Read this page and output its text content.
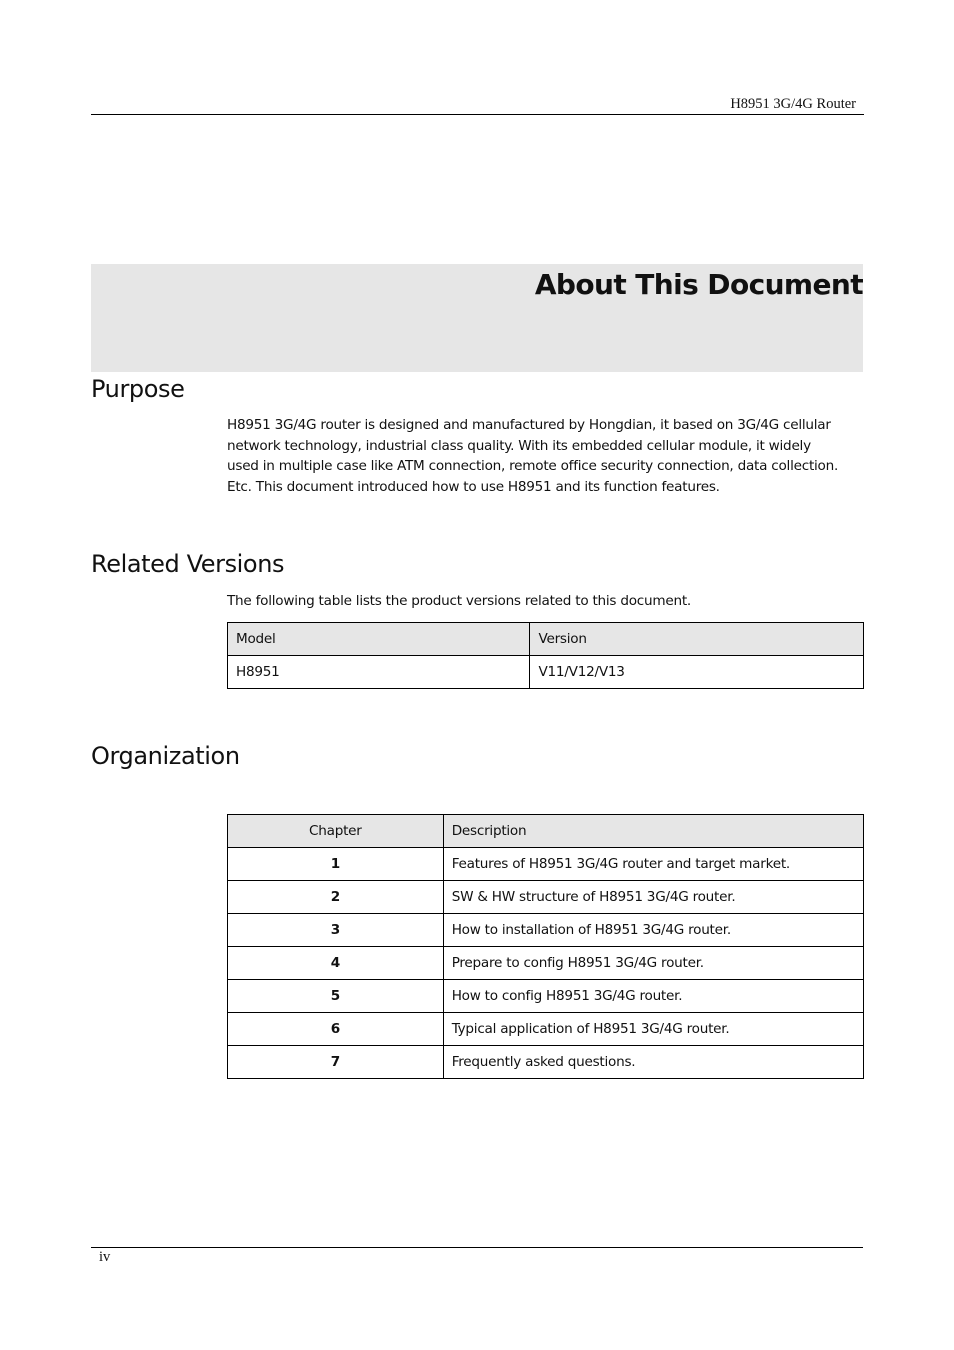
H8951 3G/4G Router
About This Document
Purpose

H8951 3G/4G router is designed and manufactured by Hongdian, it based on 3G/4G cellular
network technology, industrial class quality. With its embedded cellular module, it widely
used in multiple case like ATM connection, remote office security connection, data collection.
Etc. This document introduced how to use H8951 and its function features.

Related Versions

The following table lists the product versions related to this document.

Model	Version
H8951	V11/V12/V13
Organization
Chapter	Description
1	Features of H8951 3G/4G router and target market.
2	SW & HW structure of H8951 3G/4G router.
3	How to installation of H8951 3G/4G router.
4	Prepare to config H8951 3G/4G router.
5	How to config H8951 3G/4G router.
6	Typical application of H8951 3G/4G router.
7	Frequently asked questions.
iv
